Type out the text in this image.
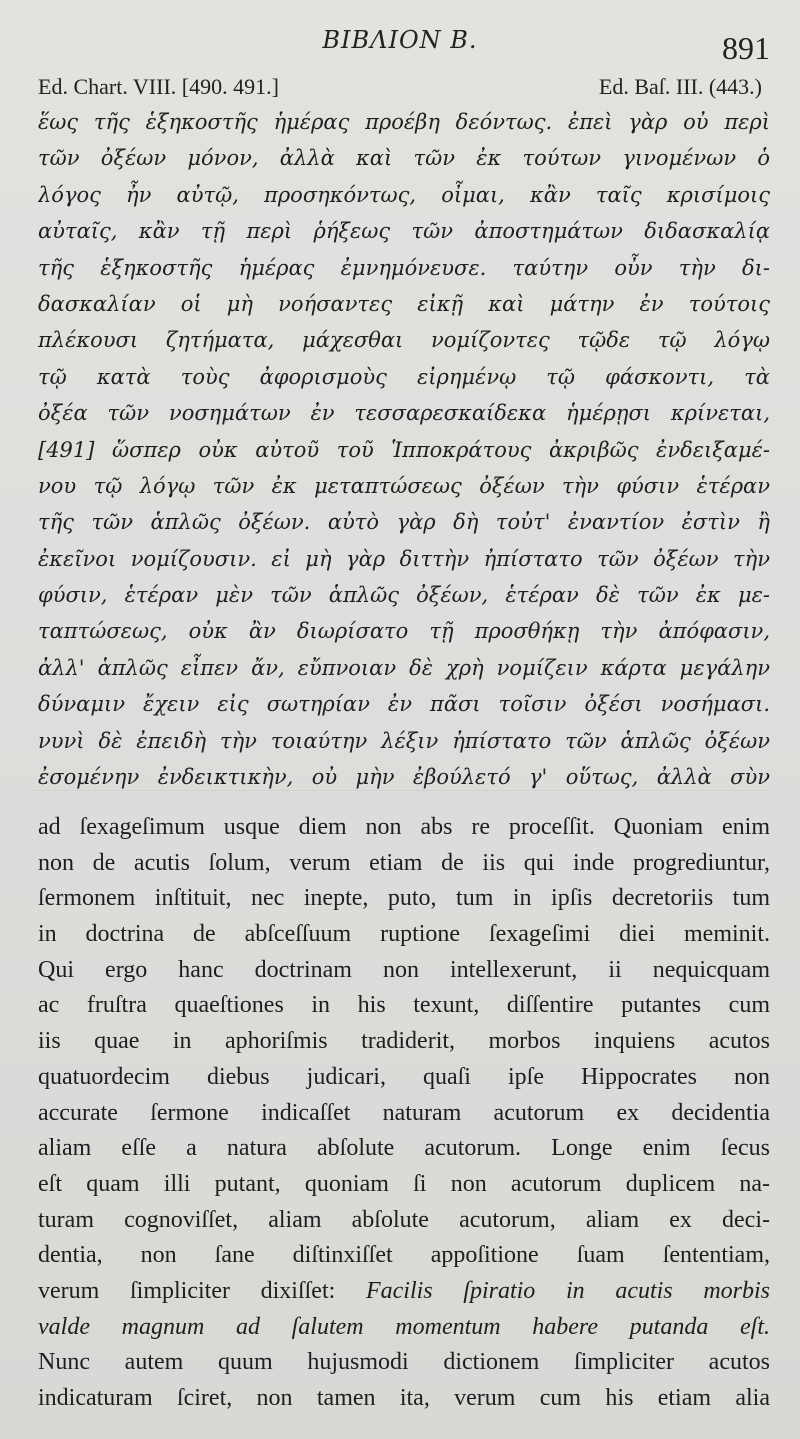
ΒΙΒΛΙΟΝ Β.	891
Ed. Chart. VIII. [490. 491.]	Ed. Baſ. III. (443.)
ἕως τῆς ἑξηκοστῆς ἡμέρας προέβη δεόντως. ἐπεὶ γὰρ οὐ περὶ
τῶν ὀξέων μόνον, ἀλλὰ καὶ τῶν ἐκ τούτων γινομένων ὁ
λόγος ἦν αὐτῷ, προσηκόντως, οἶμαι, κἂν ταῖς κρισίμοις
αὐταῖς, κἂν τῇ περὶ ῥήξεως τῶν ἀποστημάτων διδασκαλίᾳ
τῆς ἑξηκοστῆς ἡμέρας ἐμνημόνευσε. ταύτην οὖν τὴν δι-
δασκαλίαν οἱ μὴ νοήσαντες εἰκῇ καὶ μάτην ἐν τούτοις
πλέκουσι ζητήματα, μάχεσθαι νομίζοντες τῷδε τῷ λόγῳ
τῷ κατὰ τοὺς ἀφορισμοὺς εἰρημένῳ τῷ φάσκοντι, τὰ
ὀξέα τῶν νοσημάτων ἐν τεσσαρεσκαίδεκα ἡμέρῃσι κρίνεται,
[491] ὥσπερ οὐκ αὐτοῦ τοῦ Ἱπποκράτους ἀκριβῶς ἐνδειξαμέ-
νου τῷ λόγῳ τῶν ἐκ μεταπτώσεως ὀξέων τὴν φύσιν ἑτέραν
τῆς τῶν ἁπλῶς ὀξέων. αὐτὸ γὰρ δὴ τοὐτ' ἐναντίον ἐστὶν ἢ
ἐκεῖνοι νομίζουσιν. εἰ μὴ γὰρ διττὴν ἠπίστατο τῶν ὀξέων τὴν
φύσιν, ἑτέραν μὲν τῶν ἁπλῶς ὀξέων, ἑτέραν δὲ τῶν ἐκ με-
ταπτώσεως, οὐκ ἂν διωρίσατο τῇ προσθήκῃ τὴν ἀπόφασιν,
ἀλλ' ἁπλῶς εἶπεν ἄν, εὔπνοιαν δὲ χρὴ νομίζειν κάρτα μεγάλην
δύναμιν ἔχειν εἰς σωτηρίαν ἐν πᾶσι τοῖσιν ὀξέσι νοσήμασι.
νυνὶ δὲ ἐπειδὴ τὴν τοιαύτην λέξιν ἠπίστατο τῶν ἁπλῶς ὀξέων
ἐσομένην ἐνδεικτικὴν, οὐ μὴν ἐβούλετό γ' οὕτως, ἀλλὰ σὺν
ad ſexageſimum usque diem non abs re proceſſit. Quoniam enim
non de acutis ſolum, verum etiam de iis qui inde progrediuntur,
ſermonem inſtituit, nec inepte, puto, tum in ipſis decretoriis tum
in doctrina de abſceſſuum ruptione ſexageſimi diei meminit.
Qui ergo hanc doctrinam non intellexerunt, ii nequicquam
ac fruſtra quaeſtiones in his texunt, diſſentire putantes cum
iis quae in aphoriſmis tradiderit, morbos inquiens acutos
quatuordecim diebus judicari, quaſi ipſe Hippocrates non
accurate ſermone indicaſſet naturam acutorum ex decidentia
aliam eſſe a natura abſolute acutorum. Longe enim ſecus
eſt quam illi putant, quoniam ſi non acutorum duplicem na-
turam cognoviſſet, aliam abſolute acutorum, aliam ex deci-
dentia, non ſane diſtinxiſſet appoſitione ſuam ſententiam,
verum ſimpliciter dixiſſet: Facilis ſpiratio in acutis morbis
valde magnum ad ſalutem momentum habere putanda eſt.
Nunc autem quum hujusmodi dictionem ſimpliciter acutos
indicaturam ſciret, non tamen ita, verum cum his etiam alia
